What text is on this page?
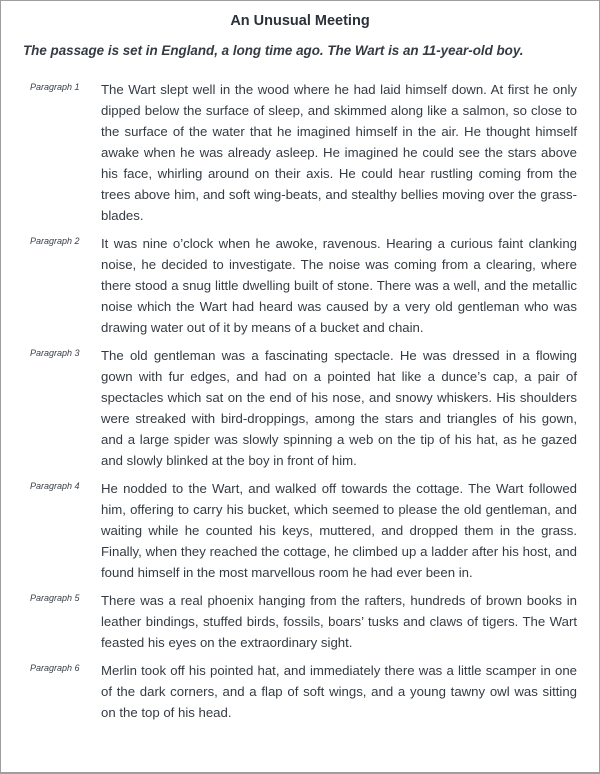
An Unusual Meeting

The passage is set in England, a long time ago. The Wart is an 11-year-old boy.

Paragraph 1	The Wart slept well in the wood where he had laid himself down. At first he only dipped below the surface of sleep, and skimmed along like a salmon, so close to the surface of the water that he imagined himself in the air. He thought himself awake when he was already asleep. He imagined he could see the stars above his face, whirling around on their axis. He could hear rustling coming from the trees above him, and soft wing-beats, and stealthy bellies moving over the grass-blades.
Paragraph 2	It was nine o’clock when he awoke, ravenous. Hearing a curious faint clanking noise, he decided to investigate. The noise was coming from a clearing, where there stood a snug little dwelling built of stone. There was a well, and the metallic noise which the Wart had heard was caused by a very old gentleman who was drawing water out of it by means of a bucket and chain.
Paragraph 3	The old gentleman was a fascinating spectacle. He was dressed in a flowing gown with fur edges, and had on a pointed hat like a dunce’s cap, a pair of spectacles which sat on the end of his nose, and snowy whiskers. His shoulders were streaked with bird-droppings, among the stars and triangles of his gown, and a large spider was slowly spinning a web on the tip of his hat, as he gazed and slowly blinked at the boy in front of him.
Paragraph 4	He nodded to the Wart, and walked off towards the cottage. The Wart followed him, offering to carry his bucket, which seemed to please the old gentleman, and waiting while he counted his keys, muttered, and dropped them in the grass. Finally, when they reached the cottage, he climbed up a ladder after his host, and found himself in the most marvellous room he had ever been in.
Paragraph 5	There was a real phoenix hanging from the rafters, hundreds of brown books in leather bindings, stuffed birds, fossils, boars’ tusks and claws of tigers. The Wart feasted his eyes on the extraordinary sight.
Paragraph 6	Merlin took off his pointed hat, and immediately there was a little scamper in one of the dark corners, and a flap of soft wings, and a young tawny owl was sitting on the top of his head.
